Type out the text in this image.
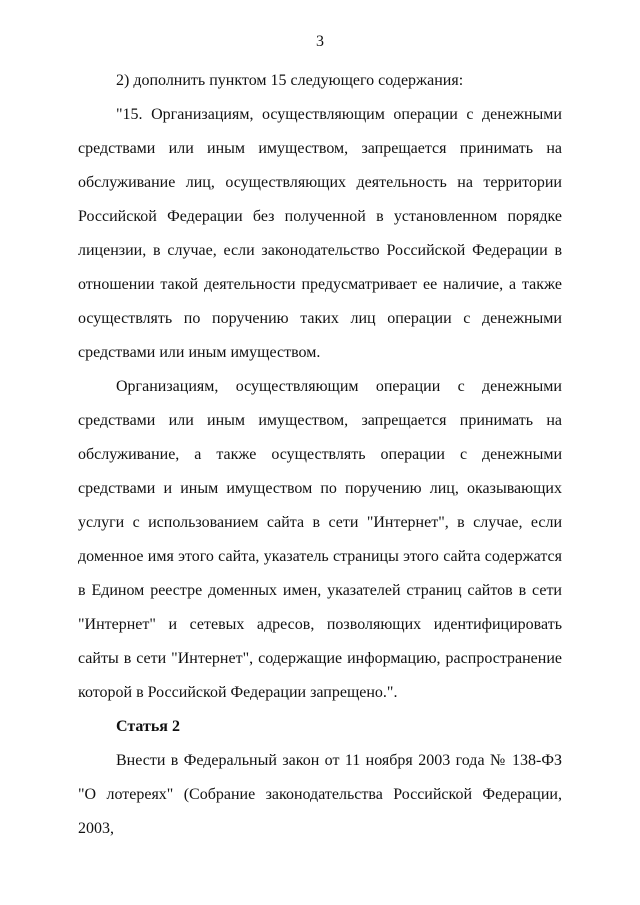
3

2) дополнить пунктом 15 следующего содержания:

"15. Организациям, осуществляющим операции с денежными средствами или иным имуществом, запрещается принимать на обслуживание лиц, осуществляющих деятельность на территории Российской Федерации без полученной в установленном порядке лицензии, в случае, если законодательство Российской Федерации в отношении такой деятельности предусматривает ее наличие, а также осуществлять по поручению таких лиц операции с денежными средствами или иным имуществом.

Организациям, осуществляющим операции с денежными средствами или иным имуществом, запрещается принимать на обслуживание, а также осуществлять операции с денежными средствами и иным имуществом по поручению лиц, оказывающих услуги с использованием сайта в сети "Интернет", в случае, если доменное имя этого сайта, указатель страницы этого сайта содержатся в Едином реестре доменных имен, указателей страниц сайтов в сети "Интернет" и сетевых адресов, позволяющих идентифицировать сайты в сети "Интернет", содержащие информацию, распространение которой в Российской Федерации запрещено.".

Статья 2

Внести в Федеральный закон от 11 ноября 2003 года № 138-ФЗ "О лотереях" (Собрание законодательства Российской Федерации, 2003,
